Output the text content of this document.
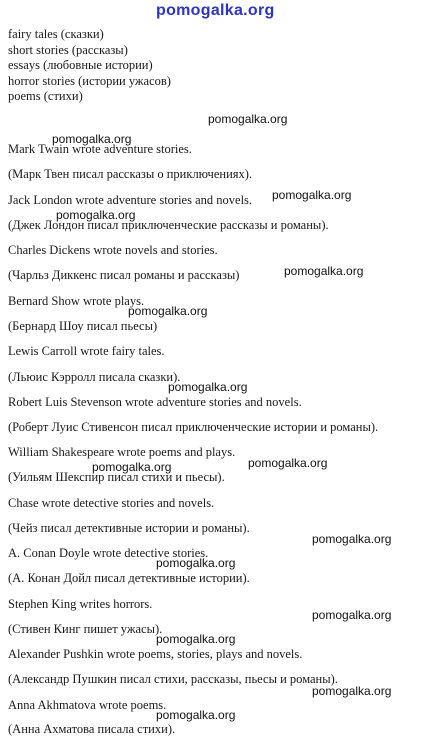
pomogalka.org
fairy tales (сказки)
short stories (рассказы)
essays (любовные истории)
horror stories (истории ужасов)
poems (стихи)
Mark Twain wrote adventure stories.
(Марк Твен писал рассказы о приключениях).
Jack London wrote adventure stories and novels.
(Джек Лондон писал приключенческие рассказы и романы).
Charles Dickens wrote novels and stories.
(Чарльз Диккенс писал романы и рассказы)
Bernard Show wrote plays.
(Бернард Шоу писал пьесы)
Lewis Carroll wrote fairy tales.
(Льюис Кэрролл писала сказки).
Robert Luis Stevenson wrote adventure stories and novels.
(Роберт Луис Стивенсон писал приключенческие истории и романы).
William Shakespeare wrote poems and plays.
(Уильям Шекспир писал стихи и пьесы).
Chase wrote detective stories and novels.
(Чейз писал детективные истории и романы).
A. Conan Doyle wrote detective stories.
(А. Конан Дойл писал детективные истории).
Stephen King writes horrors.
(Стивен Кинг пишет ужасы).
Alexander Pushkin wrote poems, stories, plays and novels.
(Александр Пушкин писал стихи, рассказы, пьесы и романы).
Anna Akhmatova wrote poems.
(Анна Ахматова писала стихи).
pomogalka.org
pomogalka.org
pomogalka.org
pomogalka.org
pomogalka.org
pomogalka.org
pomogalka.org
pomogalka.org
pomogalka.org
pomogalka.org
pomogalka.org
pomogalka.org
pomogalka.org
pomogalka.org
pomogalka.org
